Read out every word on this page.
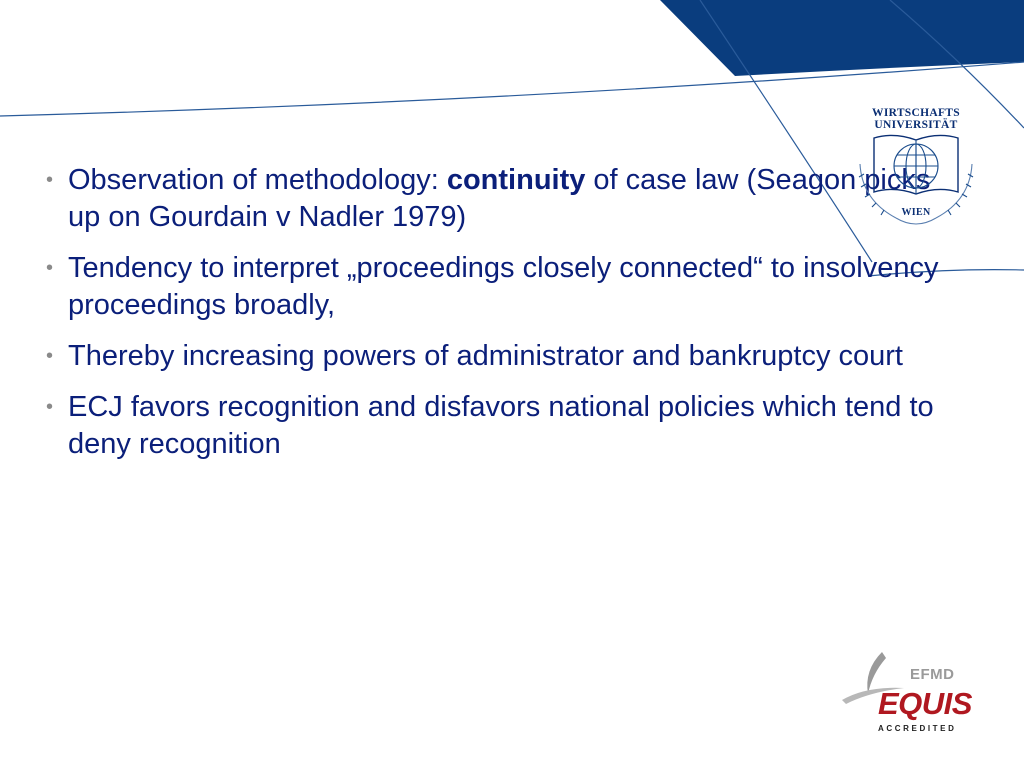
• Observation of methodology: continuity of case law (Seagon picks up on Gourdain v Nadler 1979)
• Tendency to interpret „proceedings closely connected“ to insolvency proceedings broadly,
• Thereby increasing powers of administrator and bankruptcy court
• ECJ favors recognition and disfavors national policies which tend to deny recognition
WIRTSCHAFTS
UNIVERSITÄT
WIEN
EFMD
EQUIS
ACCREDITED
